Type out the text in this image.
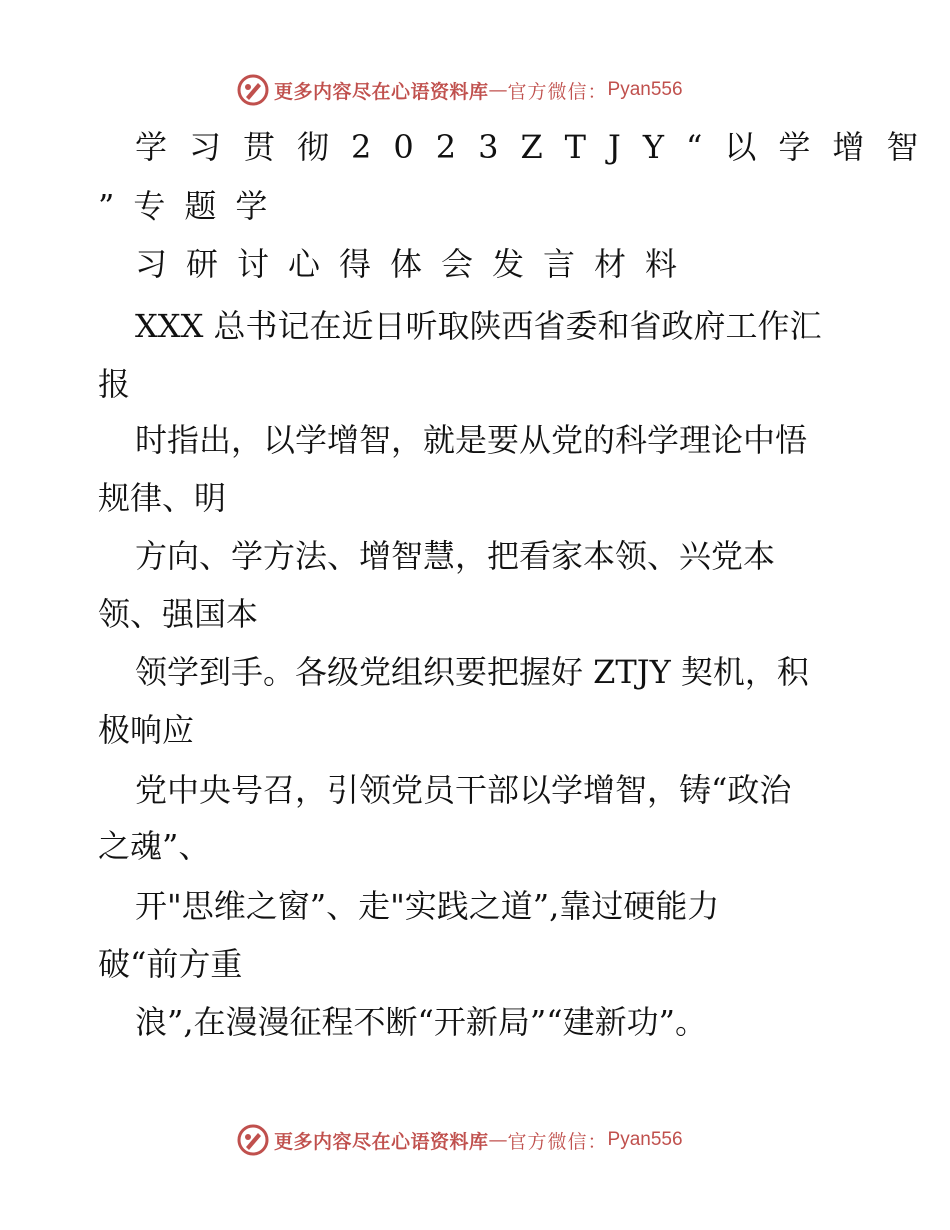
更多内容尽在心语资料库 — 官方微信： Pyan556
学习贯彻2023ZTJY“以学增智
”专题学
习研讨心得体会发言材料
XXX 总书记在近日听取陕西省委和省政府工作汇
报
时指出，以学增智，就是要从党的科学理论中悟
规律、明
方向、学方法、增智慧，把看家本领、兴党本
领、强国本
领学到手。各级党组织要把握好 ZTJY 契机，积
极响应
党中央号召，引领党员干部以学增智，铸“政治
之魂”、
开"思维之窗”、走"实践之道”,靠过硬能力
破“前方重
浪”,在漫漫征程不断“开新局”“建新功”。
更多内容尽在心语资料库 — 官方微信： Pyan556
